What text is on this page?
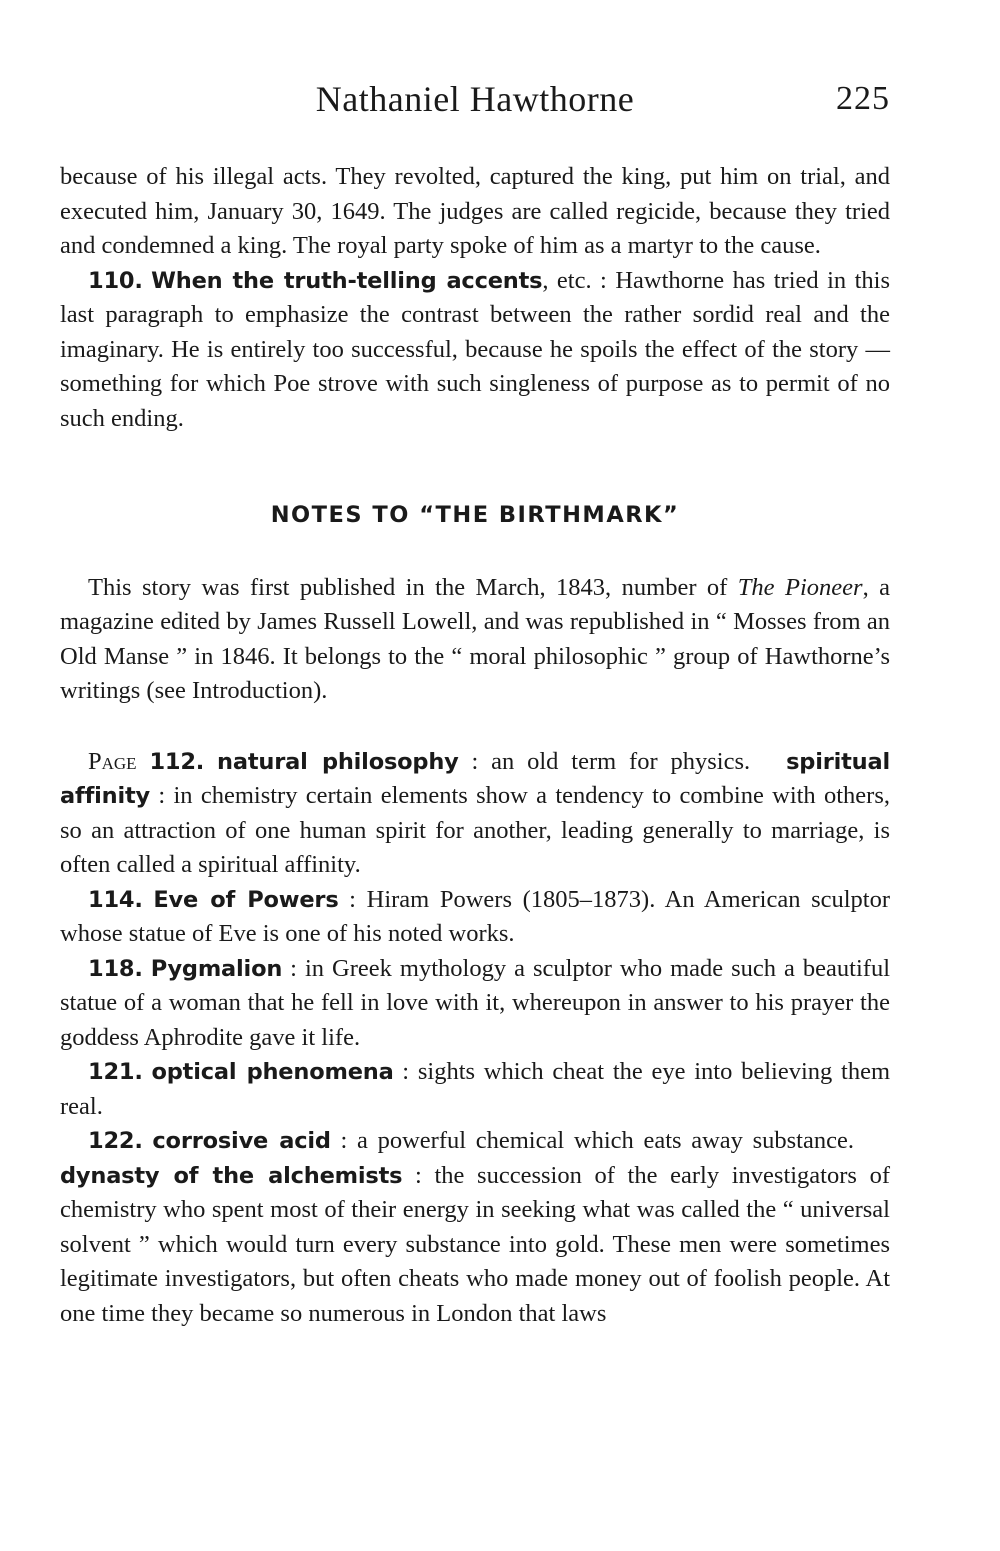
Nathaniel Hawthorne	225

because of his illegal acts. They revolted, captured the king, put him on trial, and executed him, January 30, 1649. The judges are called regicide, because they tried and condemned a king. The royal party spoke of him as a martyr to the cause.

110. When the truth-telling accents, etc. : Hawthorne has tried in this last paragraph to emphasize the contrast between the rather sordid real and the imaginary. He is entirely too successful, because he spoils the effect of the story — something for which Poe strove with such singleness of purpose as to permit of no such ending.

NOTES TO “THE BIRTHMARK”

This story was first published in the March, 1843, number of The Pioneer, a magazine edited by James Russell Lowell, and was republished in “ Mosses from an Old Manse ” in 1846. It belongs to the “ moral philosophic ” group of Hawthorne’s writings (see Introduction).

Page 112. natural philosophy : an old term for physics. spiritual affinity : in chemistry certain elements show a tendency to combine with others, so an attraction of one human spirit for another, leading generally to marriage, is often called a spiritual affinity.

114. Eve of Powers : Hiram Powers (1805–1873). An American sculptor whose statue of Eve is one of his noted works.

118. Pygmalion : in Greek mythology a sculptor who made such a beautiful statue of a woman that he fell in love with it, whereupon in answer to his prayer the goddess Aphrodite gave it life.

121. optical phenomena : sights which cheat the eye into believing them real.

122. corrosive acid : a powerful chemical which eats away substance.dynasty of the alchemists : the succession of the early investigators of chemistry who spent most of their energy in seeking what was called the “ universal solvent ” which would turn every substance into gold. These men were sometimes legitimate investigators, but often cheats who made money out of foolish people. At one time they became so numerous in London that laws
